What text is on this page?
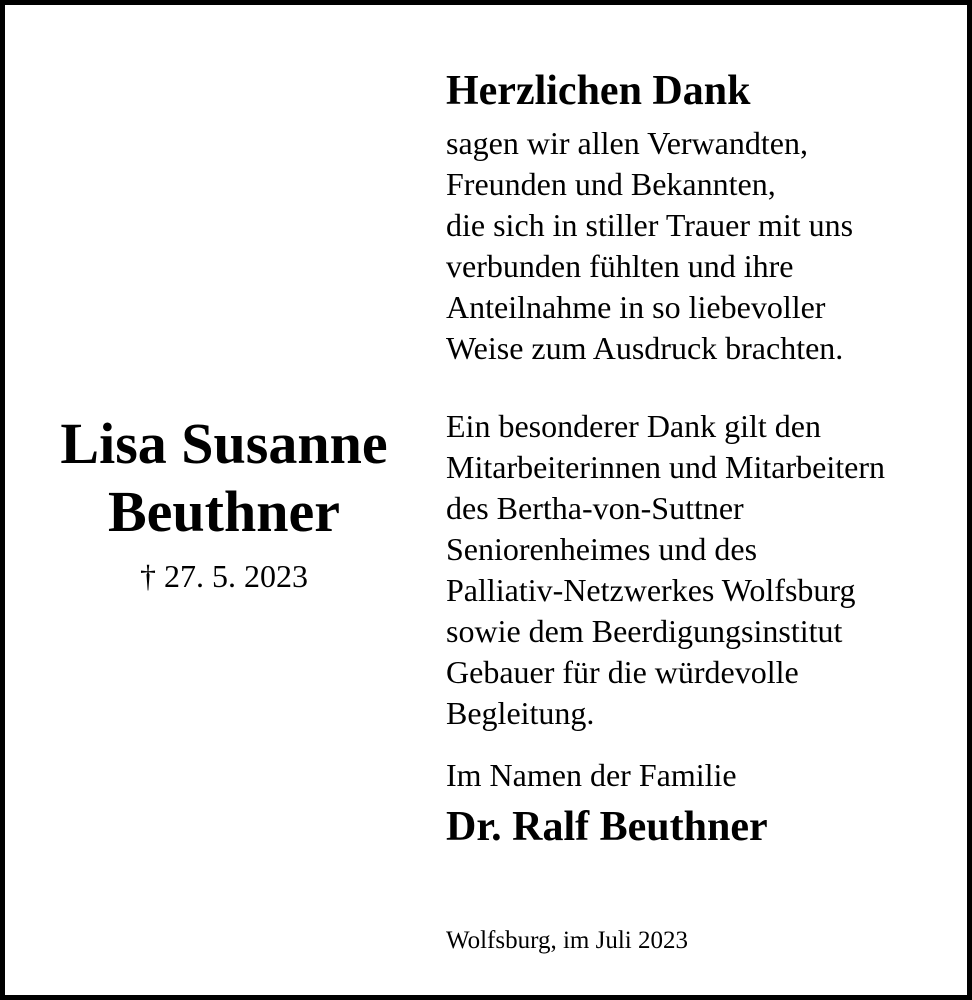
Lisa Susanne
Beuthner
† 27. 5. 2023
Herzlichen Dank
sagen wir allen Verwandten,
Freunden und Bekannten,
die sich in stiller Trauer mit uns
verbunden fühlten und ihre
Anteilnahme in so liebevoller
Weise zum Ausdruck brachten.
Ein besonderer Dank gilt den
Mitarbeiterinnen und Mitarbeitern
des Bertha-von-Suttner
Seniorenheimes und des
Palliativ-Netzwerkes Wolfsburg
sowie dem Beerdigungsinstitut
Gebauer für die würdevolle
Begleitung.
Im Namen der Familie
Dr. Ralf Beuthner
Wolfsburg, im Juli 2023
